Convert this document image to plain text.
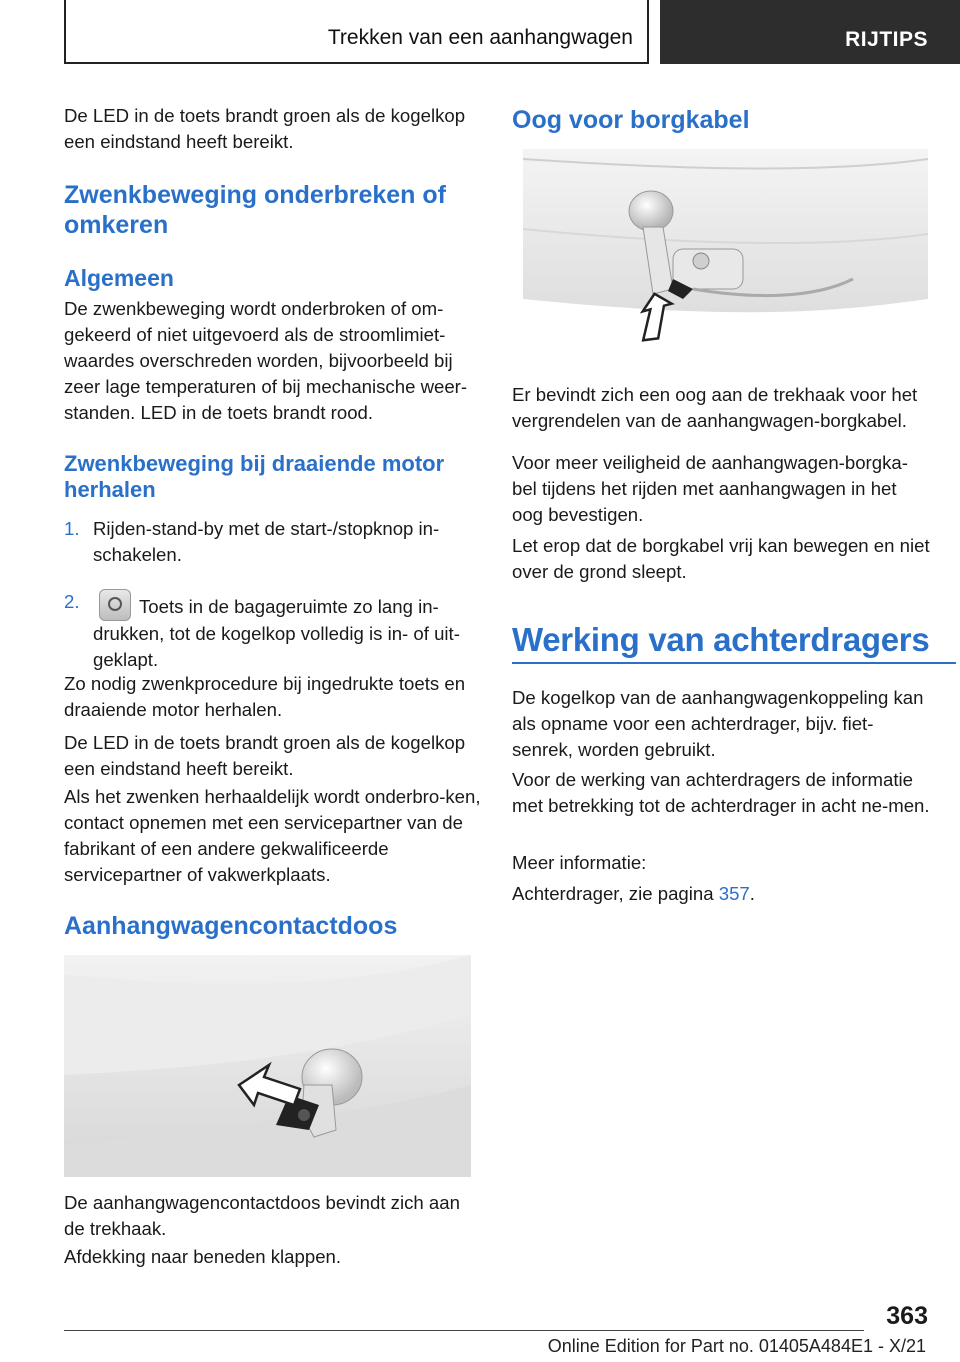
Trekken van een aanhangwagen	RIJTIPS

De LED in de toets brandt groen als de kogelkop een eindstand heeft bereikt.

Zwenkbeweging onderbreken of omkeren
Algemeen

De zwenkbeweging wordt onderbroken of om-gekeerd of niet uitgevoerd als de stroomlimiet-waardes overschreden worden, bijvoorbeeld bij zeer lage temperaturen of bij mechanische weer-standen. LED in de toets brandt rood.

Zwenkbeweging bij draaiende motor herhalen
1. Rijden-stand-by met de start-/stopknop in-schakelen.

2.	Toets in de bagageruimte zo lang in-drukken, tot de kogelkop volledig is in- of uit-geklapt.

Zo nodig zwenkprocedure bij ingedrukte toets en draaiende motor herhalen.

De LED in de toets brandt groen als de kogelkop een eindstand heeft bereikt.

Als het zwenken herhaaldelijk wordt onderbro-ken, contact opnemen met een servicepartner van de fabrikant of een andere gekwalificeerde servicepartner of vakwerkplaats.

Aanhangwagencontactdoos

De aanhangwagencontactdoos bevindt zich aan de trekhaak.

Afdekking naar beneden klappen.

Oog voor borgkabel

Er bevindt zich een oog aan de trekhaak voor het vergrendelen van de aanhangwagen-borgkabel.

Voor meer veiligheid de aanhangwagen-borgka-bel tijdens het rijden met aanhangwagen in het oog bevestigen.

Let erop dat de borgkabel vrij kan bewegen en niet over de grond sleept.

Werking van achterdragers

De kogelkop van de aanhangwagenkoppeling kan als opname voor een achterdrager, bijv. fiet-senrek, worden gebruikt.

Voor de werking van achterdragers de informatie met betrekking tot de achterdrager in acht ne-men.

Meer informatie:

Achterdrager, zie pagina 357.

363
Online Edition for Part no. 01405A484E1 - X/21
